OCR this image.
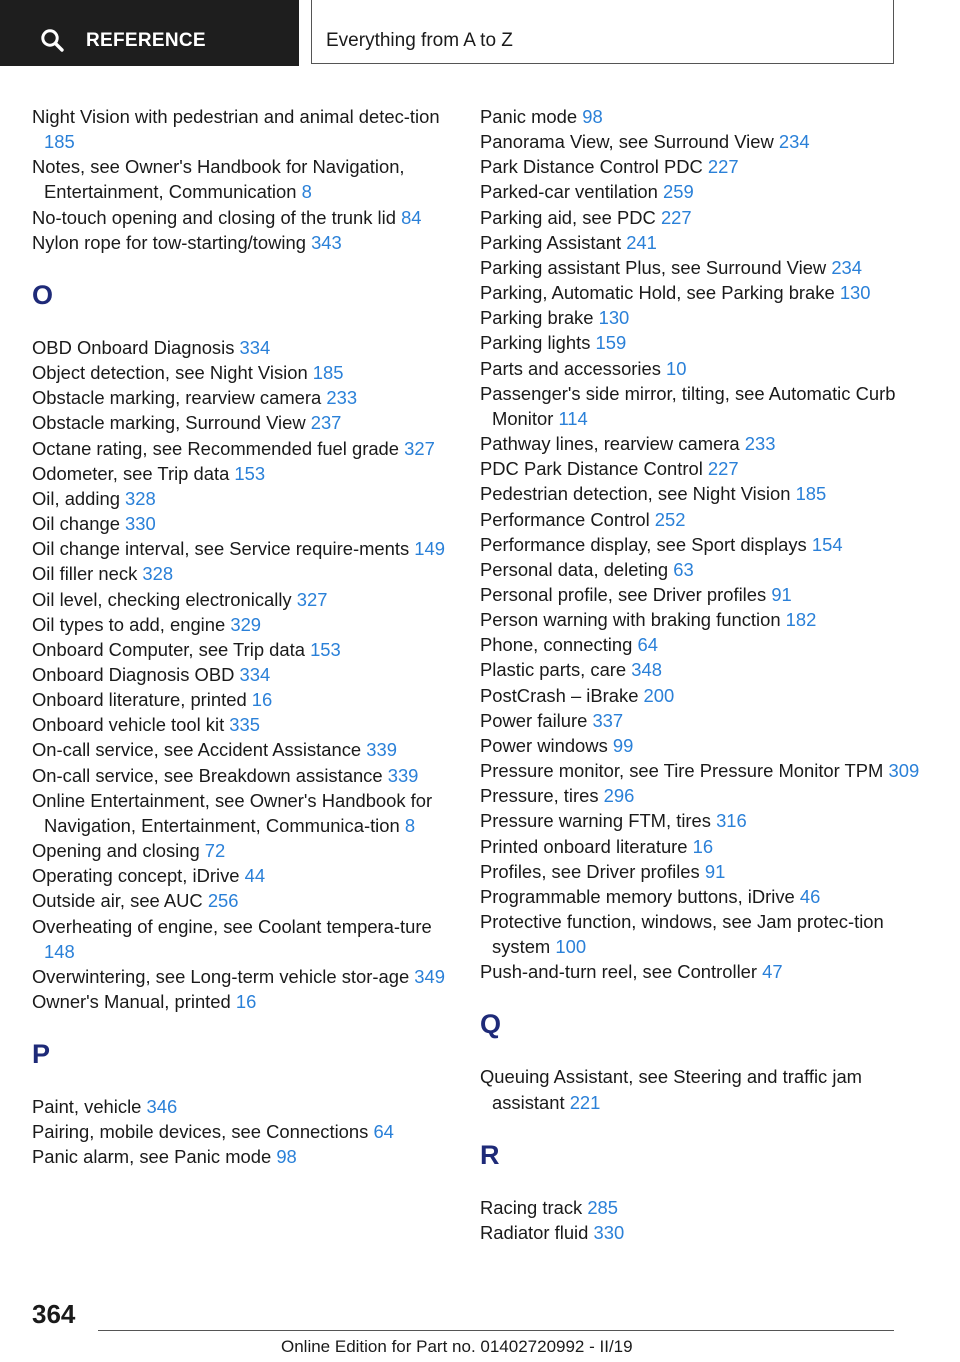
REFERENCE	Everything from A to Z
Night Vision with pedestrian and animal detec-tion 185
Notes, see Owner's Handbook for Navigation, Entertainment, Communication 8
No-touch opening and closing of the trunk lid 84
Nylon rope for tow-starting/towing 343
O
OBD Onboard Diagnosis 334
Object detection, see Night Vision 185
Obstacle marking, rearview camera 233
Obstacle marking, Surround View 237
Octane rating, see Recommended fuel grade 327
Odometer, see Trip data 153
Oil, adding 328
Oil change 330
Oil change interval, see Service require-ments 149
Oil filler neck 328
Oil level, checking electronically 327
Oil types to add, engine 329
Onboard Computer, see Trip data 153
Onboard Diagnosis OBD 334
Onboard literature, printed 16
Onboard vehicle tool kit 335
On-call service, see Accident Assistance 339
On-call service, see Breakdown assistance 339
Online Entertainment, see Owner's Handbook for Navigation, Entertainment, Communica-tion 8
Opening and closing 72
Operating concept, iDrive 44
Outside air, see AUC 256
Overheating of engine, see Coolant tempera-ture 148
Overwintering, see Long-term vehicle stor-age 349
Owner's Manual, printed 16
P
Paint, vehicle 346
Pairing, mobile devices, see Connections 64
Panic alarm, see Panic mode 98
Panic mode 98
Panorama View, see Surround View 234
Park Distance Control PDC 227
Parked-car ventilation 259
Parking aid, see PDC 227
Parking Assistant 241
Parking assistant Plus, see Surround View 234
Parking, Automatic Hold, see Parking brake 130
Parking brake 130
Parking lights 159
Parts and accessories 10
Passenger's side mirror, tilting, see Automatic Curb Monitor 114
Pathway lines, rearview camera 233
PDC Park Distance Control 227
Pedestrian detection, see Night Vision 185
Performance Control 252
Performance display, see Sport displays 154
Personal data, deleting 63
Personal profile, see Driver profiles 91
Person warning with braking function 182
Phone, connecting 64
Plastic parts, care 348
PostCrash – iBrake 200
Power failure 337
Power windows 99
Pressure monitor, see Tire Pressure Monitor TPM 309
Pressure, tires 296
Pressure warning FTM, tires 316
Printed onboard literature 16
Profiles, see Driver profiles 91
Programmable memory buttons, iDrive 46
Protective function, windows, see Jam protec-tion system 100
Push-and-turn reel, see Controller 47
Q
Queuing Assistant, see Steering and traffic jam assistant 221
R
Racing track 285
Radiator fluid 330
364
Online Edition for Part no. 01402720992 - II/19
